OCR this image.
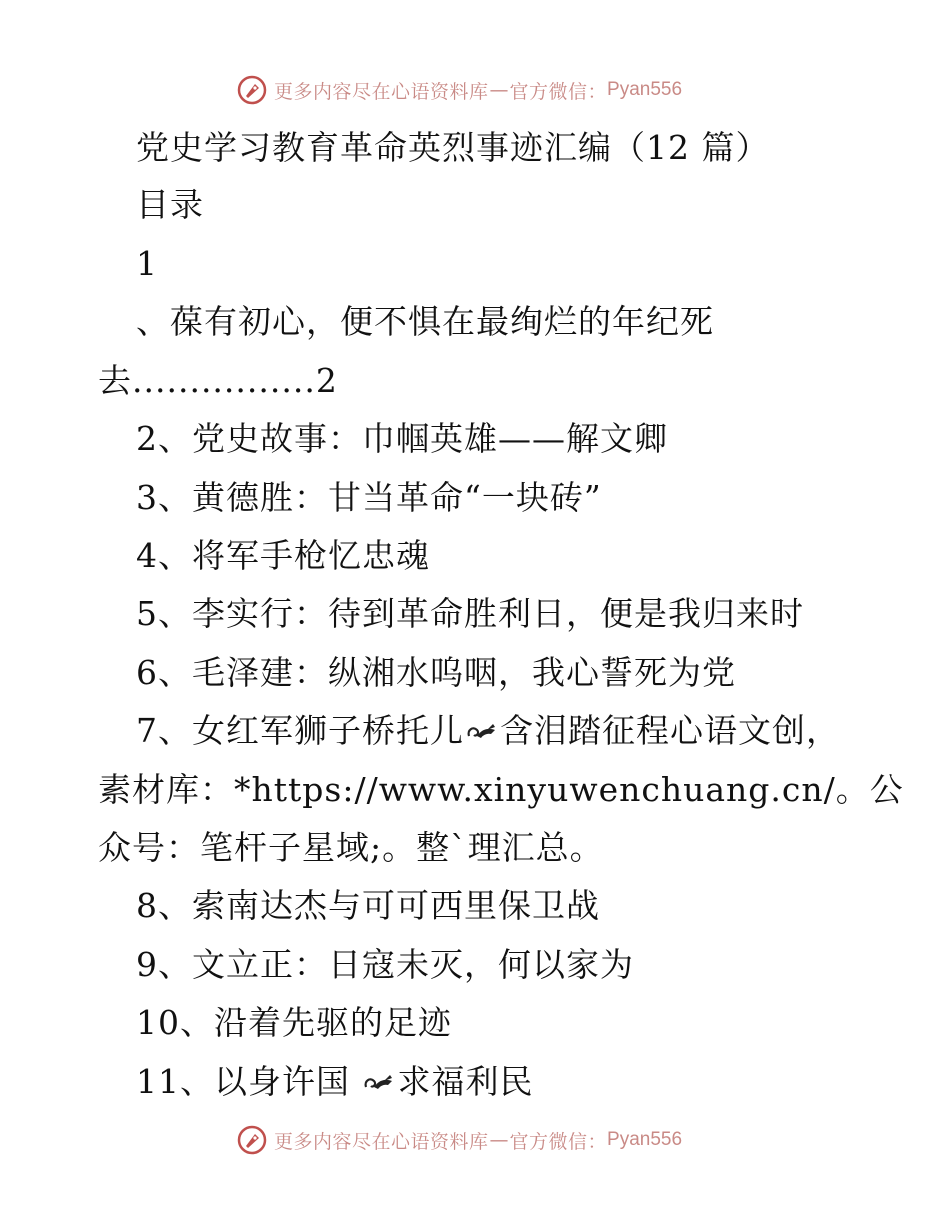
更多内容尽在心语资料库 — 官方微信： Pyan556
党史学习教育革命英烈事迹汇编（12 篇）
目录
1
、葆有初心，便不惧在最绚烂的年纪死
去................2
2、党史故事：巾帼英雄——解文卿
3、黄德胜：甘当革命“一块砖”
4、将军手枪忆忠魂
5、李实行：待到革命胜利日，便是我归来时
6、毛泽建：纵湘水呜咽，我心誓死为党
7、女红军狮子桥托儿 含泪踏征程心语文创，
素材库：*https://www.xinyuwenchuang.cn/。公
众号：笔杆子星域;。整`理汇总。
8、索南达杰与可可西里保卫战
9、文立正：日寇未灭，何以家为
10、沿着先驱的足迹
11、以身许国 求福利民
更多内容尽在心语资料库 — 官方微信： Pyan556
